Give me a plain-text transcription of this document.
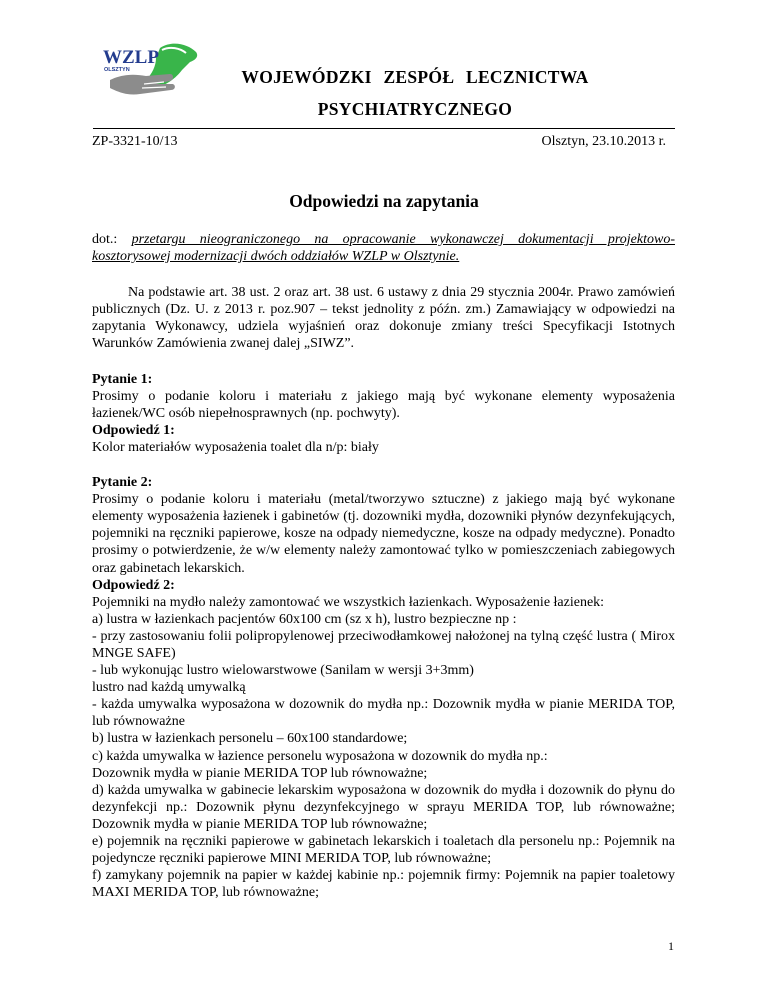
WZLP
OLSZTYN	WOJEWÓDZKI ZESPÓŁ LECZNICTWA
PSYCHIATRYCZNEGO
ZP-3321-10/13	Olsztyn, 23.10.2013 r.
Odpowiedzi na zapytania

dot.: przetargu nieograniczonego na opracowanie wykonawczej dokumentacji projektowo-kosztorysowej modernizacji dwóch oddziałów WZLP w Olsztynie.

Na podstawie art. 38 ust. 2 oraz art. 38 ust. 6 ustawy z dnia 29 stycznia 2004r. Prawo zamówień publicznych (Dz. U. z 2013 r. poz.907 – tekst jednolity z późn. zm.) Zamawiający w odpowiedzi na zapytania Wykonawcy, udziela wyjaśnień oraz dokonuje zmiany treści Specyfikacji Istotnych Warunków Zamówienia zwanej dalej „SIWZ”.

Pytanie 1:

Prosimy o podanie koloru i materiału z jakiego mają być wykonane elementy wyposażenia łazienek/WC osób niepełnosprawnych (np. pochwyty).

Odpowiedź 1:

Kolor materiałów wyposażenia toalet dla n/p: biały

Pytanie 2:

Prosimy o podanie koloru i materiału (metal/tworzywo sztuczne) z jakiego mają być wykonane elementy wyposażenia łazienek i gabinetów (tj. dozowniki mydła, dozowniki płynów dezynfekujących, pojemniki na ręczniki papierowe, kosze na odpady niemedyczne, kosze na odpady medyczne). Ponadto prosimy o potwierdzenie, że w/w elementy należy zamontować tylko w pomieszczeniach zabiegowych oraz gabinetach lekarskich.

Odpowiedź 2:

Pojemniki na mydło należy zamontować we wszystkich łazienkach. Wyposażenie łazienek:

a) lustra w łazienkach pacjentów 60x100 cm (sz x h), lustro bezpieczne np :

- przy zastosowaniu folii polipropylenowej przeciwodłamkowej nałożonej na tylną część lustra ( Mirox MNGE SAFE)

- lub wykonując lustro wielowarstwowe (Sanilam w wersji 3+3mm)

lustro nad każdą umywalką

- każda umywalka wyposażona w dozownik do mydła np.: Dozownik mydła w pianie MERIDA TOP, lub równoważne

b) lustra w łazienkach personelu – 60x100 standardowe;

c) każda umywalka w łazience personelu wyposażona w dozownik do mydła np.:

Dozownik mydła w pianie MERIDA TOP lub równoważne;

d) każda umywalka w gabinecie lekarskim wyposażona w dozownik do mydła i dozownik do płynu do dezynfekcji np.: Dozownik płynu dezynfekcyjnego w sprayu MERIDA TOP, lub równoważne; Dozownik mydła w pianie MERIDA TOP lub równoważne;

e) pojemnik na ręczniki papierowe w gabinetach lekarskich i toaletach dla personelu np.: Pojemnik na pojedyncze ręczniki papierowe MINI MERIDA TOP, lub równoważne;

f) zamykany pojemnik na papier w każdej kabinie np.: pojemnik firmy: Pojemnik na papier toaletowy MAXI MERIDA TOP, lub równoważne;

1
